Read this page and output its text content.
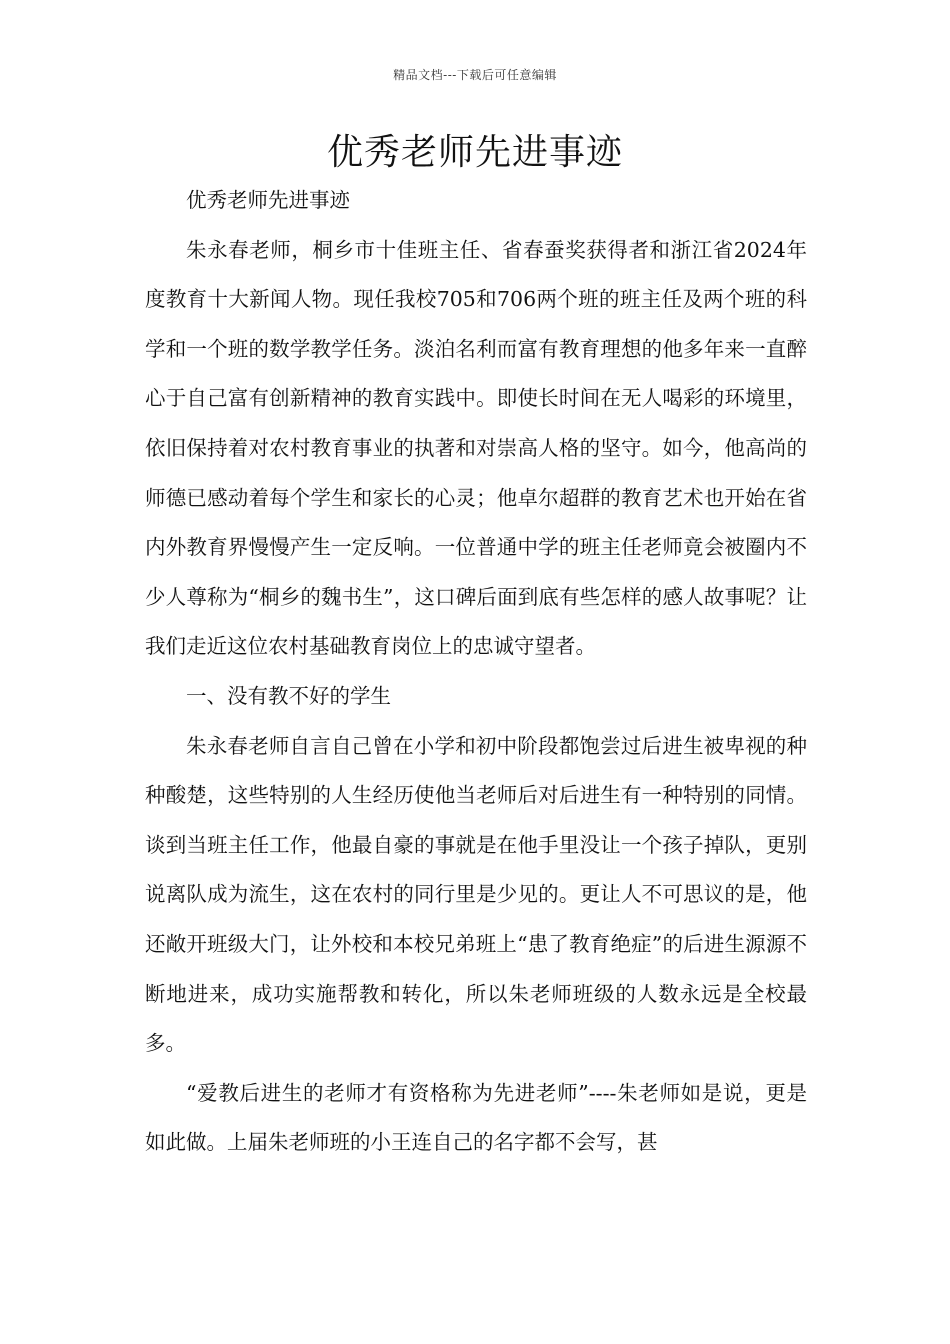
精品文档---下载后可任意编辑
优秀老师先进事迹

优秀老师先进事迹

朱永春老师，桐乡市十佳班主任、省春蚕奖获得者和浙江省2024年度教育十大新闻人物。现任我校705和706两个班的班主任及两个班的科学和一个班的数学教学任务。淡泊名利而富有教育理想的他多年来一直醉心于自己富有创新精神的教育实践中。即使长时间在无人喝彩的环境里，依旧保持着对农村教育事业的执著和对崇高人格的坚守。如今，他高尚的师德已感动着每个学生和家长的心灵；他卓尔超群的教育艺术也开始在省内外教育界慢慢产生一定反响。一位普通中学的班主任老师竟会被圈内不少人尊称为“桐乡的魏书生”，这口碑后面到底有些怎样的感人故事呢？让我们走近这位农村基础教育岗位上的忠诚守望者。

一、没有教不好的学生

朱永春老师自言自己曾在小学和初中阶段都饱尝过后进生被卑视的种种酸楚，这些特别的人生经历使他当老师后对后进生有一种特别的同情。谈到当班主任工作，他最自豪的事就是在他手里没让一个孩子掉队，更别说离队成为流生，这在农村的同行里是少见的。更让人不可思议的是，他还敞开班级大门，让外校和本校兄弟班上“患了教育绝症”的后进生源源不断地进来，成功实施帮教和转化，所以朱老师班级的人数永远是全校最多。

“爱教后进生的老师才有资格称为先进老师”----朱老师如是说，更是如此做。上届朱老师班的小王连自己的名字都不会写，甚
